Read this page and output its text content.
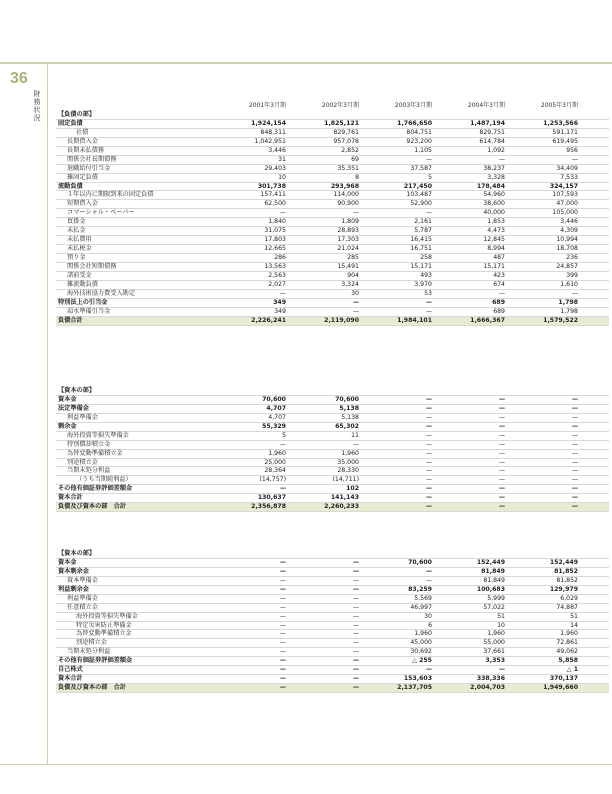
36
財
務
状
況
2001年3月期	2002年3月期	2003年3月期	2004年3月期	2005年3月期
【負債の部】
固定負債	1,924,154	1,825,121	1,766,650	1,487,194	1,253,566
社債	848,311	829,761	804,751	829,751	591,171
長期借入金	1,042,951	957,078	923,200	614,784	619,495
長期未払債務	3,446	2,852	1,105	1,092	956
関係会社長期債務	31	69	—	—	—
退職給付引当金	29,403	35,351	37,587	38,237	34,409
雑固定負債	10	8	5	3,328	7,533
流動負債	301,738	293,968	217,450	178,484	324,157
１年以内に期限到来の固定負債	157,411	114,000	103,487	54,960	107,593
短期借入金	62,500	90,900	52,900	38,600	47,000
コマーシャル・ペーパー	—	—	—	40,000	105,000
買掛金	1,840	1,809	2,161	1,853	3,446
未払金	31,075	28,893	5,787	4,473	4,309
未払費用	17,803	17,303	16,415	12,845	10,994
未払税金	12,665	21,024	16,751	8,994	18,708
預り金	286	285	258	487	236
関係会社短期債務	13,563	15,491	15,171	15,171	24,857
諸前受金	2,563	904	493	423	399
雑流動負債	2,027	3,324	3,970	674	1,610
海外技術協力費受入勘定	—	30	53	—	—
特別法上の引当金	349	—	—	689	1,798
渇水準備引当金	349	—	—	689	1,798
負債合計	2,226,241	2,119,090	1,984,101	1,666,367	1,579,522
【資本の部】
資本金	70,600	70,600	—	—	—
法定準備金	4,707	5,138	—	—	—
利益準備金	4,707	5,138	—	—	—
剰余金	55,329	65,302	—	—	—
海外投資等損失準備金	5	11	—	—	—
特別償却積立金	—	—	—	—	—
為替変動準備積立金	1,960	1,960	—	—	—
別途積立金	25,000	35,000	—	—	—
当期未処分利益	28,364	28,330	—	—	—
（うち当期純利益）	(14,757)	(14,711)	—	—	—
その他有価証券評価差額金	—	102	—	—	—
資本合計	130,637	141,143	—	—	—
負債及び資本の部　合計	2,356,878	2,260,233	—	—	—
【資本の部】
資本金	—	—	70,600	152,449	152,449
資本剰余金	—	—	—	81,849	81,852
資本準備金	—	—	—	81,849	81,852
利益剰余金	—	—	83,259	100,683	129,979
利益準備金	—	—	5,569	5,999	6,029
任意積立金	—	—	46,997	57,022	74,887
海外投資等損失準備金	—	—	30	51	51
特定災害防止準備金	—	—	6	10	14
為替変動準備積立金	—	—	1,960	1,960	1,960
別途積立金	—	—	45,000	55,000	72,861
当期未処分利益	—	—	30,692	37,661	49,062
その他有価証券評価差額金	—	—	△ 255	3,353	5,858
自己株式	—	—	—	—	△ 1
資本合計	—	—	153,603	338,336	370,137
負債及び資本の部　合計	—	—	2,137,705	2,004,703	1,949,660
